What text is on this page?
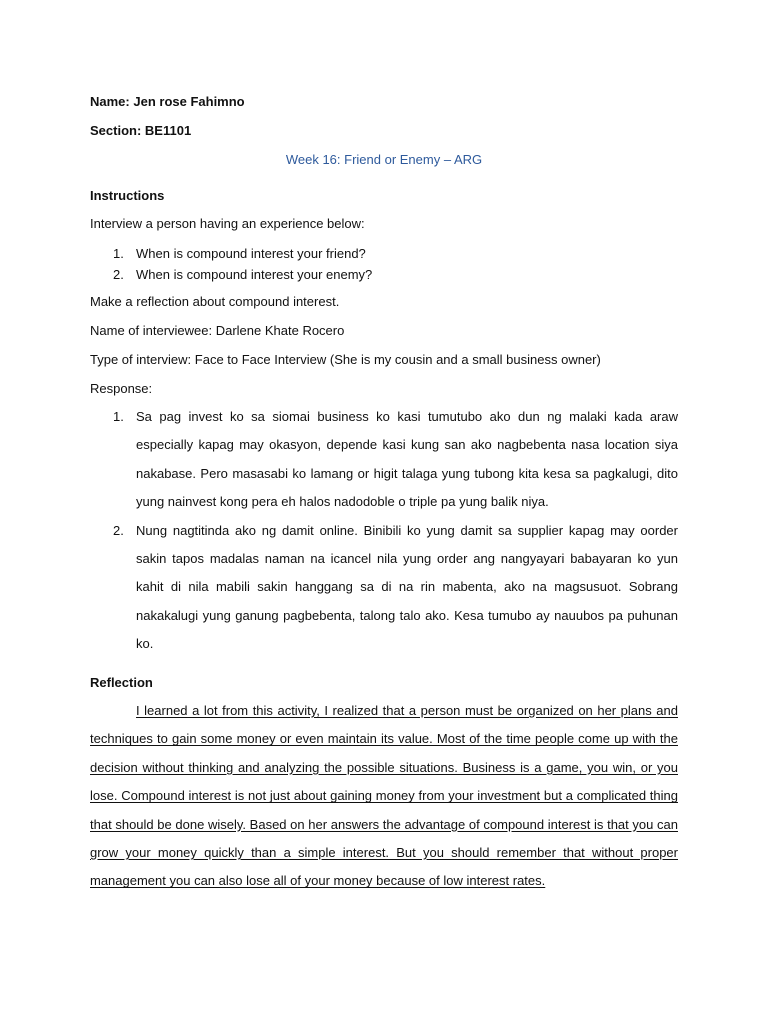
Name: Jen rose Fahimno
Section: BE1101
Week 16: Friend or Enemy – ARG
Instructions
Interview a person having an experience below:
1. When is compound interest your friend?
2. When is compound interest your enemy?
Make a reflection about compound interest.
Name of interviewee: Darlene Khate Rocero
Type of interview: Face to Face Interview (She is my cousin and a small business owner)
Response:
1. Sa pag invest ko sa siomai business ko kasi tumutubo ako dun ng malaki kada araw especially kapag may okasyon, depende kasi kung san ako nagbebenta nasa location siya nakabase. Pero masasabi ko lamang or higit talaga yung tubong kita kesa sa pagkalugi, dito yung nainvest kong pera eh halos nadodoble o triple pa yung balik niya.
2. Nung nagtitinda ako ng damit online. Binibili ko yung damit sa supplier kapag may oorder sakin tapos madalas naman na icancel nila yung order ang nangyayari babayaran ko yun kahit di nila mabili sakin hanggang sa di na rin mabenta, ako na magsusuot. Sobrang nakakalugi yung ganung pagbebenta, talong talo ako. Kesa tumubo ay nauubos pa puhunan ko.
Reflection
I learned a lot from this activity, I realized that a person must be organized on her plans and techniques to gain some money or even maintain its value. Most of the time people come up with the decision without thinking and analyzing the possible situations. Business is a game, you win, or you lose. Compound interest is not just about gaining money from your investment but a complicated thing that should be done wisely. Based on her answers the advantage of compound interest is that you can grow your money quickly than a simple interest. But you should remember that without proper management you can also lose all of your money because of low interest rates.
